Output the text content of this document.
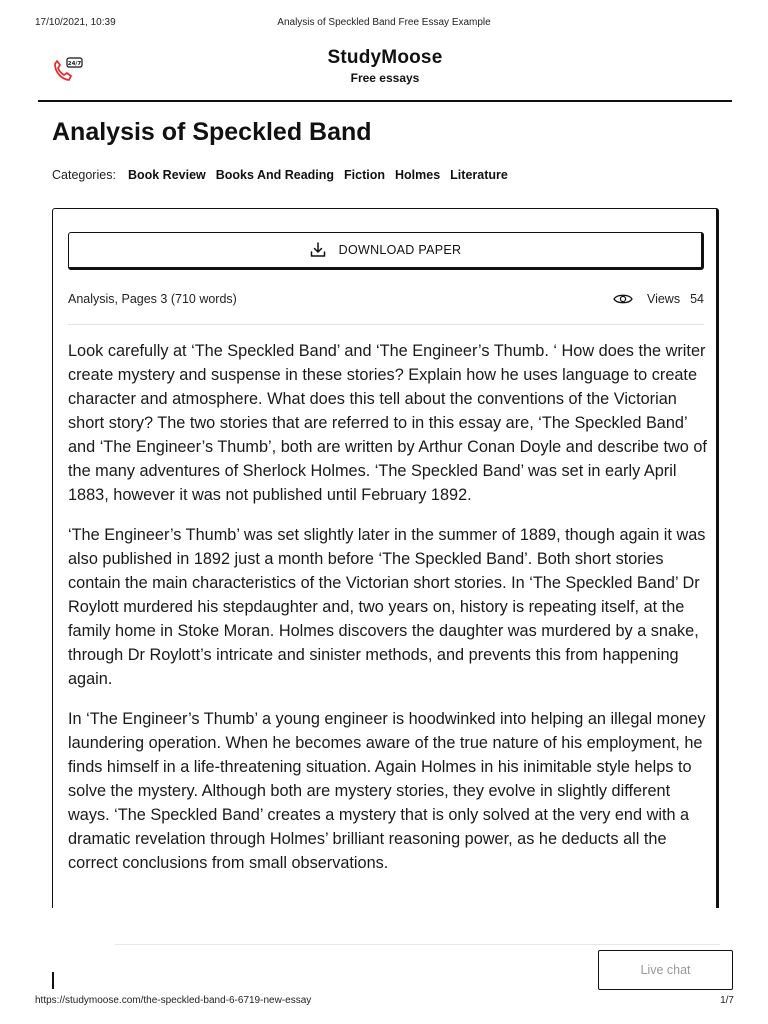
17/10/2021, 10:39	Analysis of Speckled Band Free Essay Example
24/7	StudyMoose
Free essays
Analysis of Speckled Band
Categories: Book Review Books And Reading Fiction Holmes Literature
DOWNLOAD PAPER
Analysis, Pages 3 (710 words)	Views 54

Look carefully at ‘The Speckled Band’ and ‘The Engineer’s Thumb. ‘ How does the writer create mystery and suspense in these stories? Explain how he uses language to create character and atmosphere. What does this tell about the conventions of the Victorian short story? The two stories that are referred to in this essay are, ‘The Speckled Band’ and ‘The Engineer’s Thumb’, both are written by Arthur Conan Doyle and describe two of the many adventures of Sherlock Holmes. ‘The Speckled Band’ was set in early April 1883, however it was not published until February 1892.

‘The Engineer’s Thumb’ was set slightly later in the summer of 1889, though again it was also published in 1892 just a month before ‘The Speckled Band’. Both short stories contain the main characteristics of the Victorian short stories. In ‘The Speckled Band’ Dr Roylott murdered his stepdaughter and, two years on, history is repeating itself, at the family home in Stoke Moran. Holmes discovers the daughter was murdered by a snake, through Dr Roylott’s intricate and sinister methods, and prevents this from happening again.

In ‘The Engineer’s Thumb’ a young engineer is hoodwinked into helping an illegal money laundering operation. When he becomes aware of the true nature of his employment, he finds himself in a life-threatening situation. Again Holmes in his inimitable style helps to solve the mystery. Although both are mystery stories, they evolve in slightly different ways. ‘The Speckled Band’ creates a mystery that is only solved at the very end with a dramatic revelation through Holmes’ brilliant reasoning power, as he deducts all the correct conclusions from small observations.

Live chat
https://studymoose.com/the-speckled-band-6-6719-new-essay	1/7
